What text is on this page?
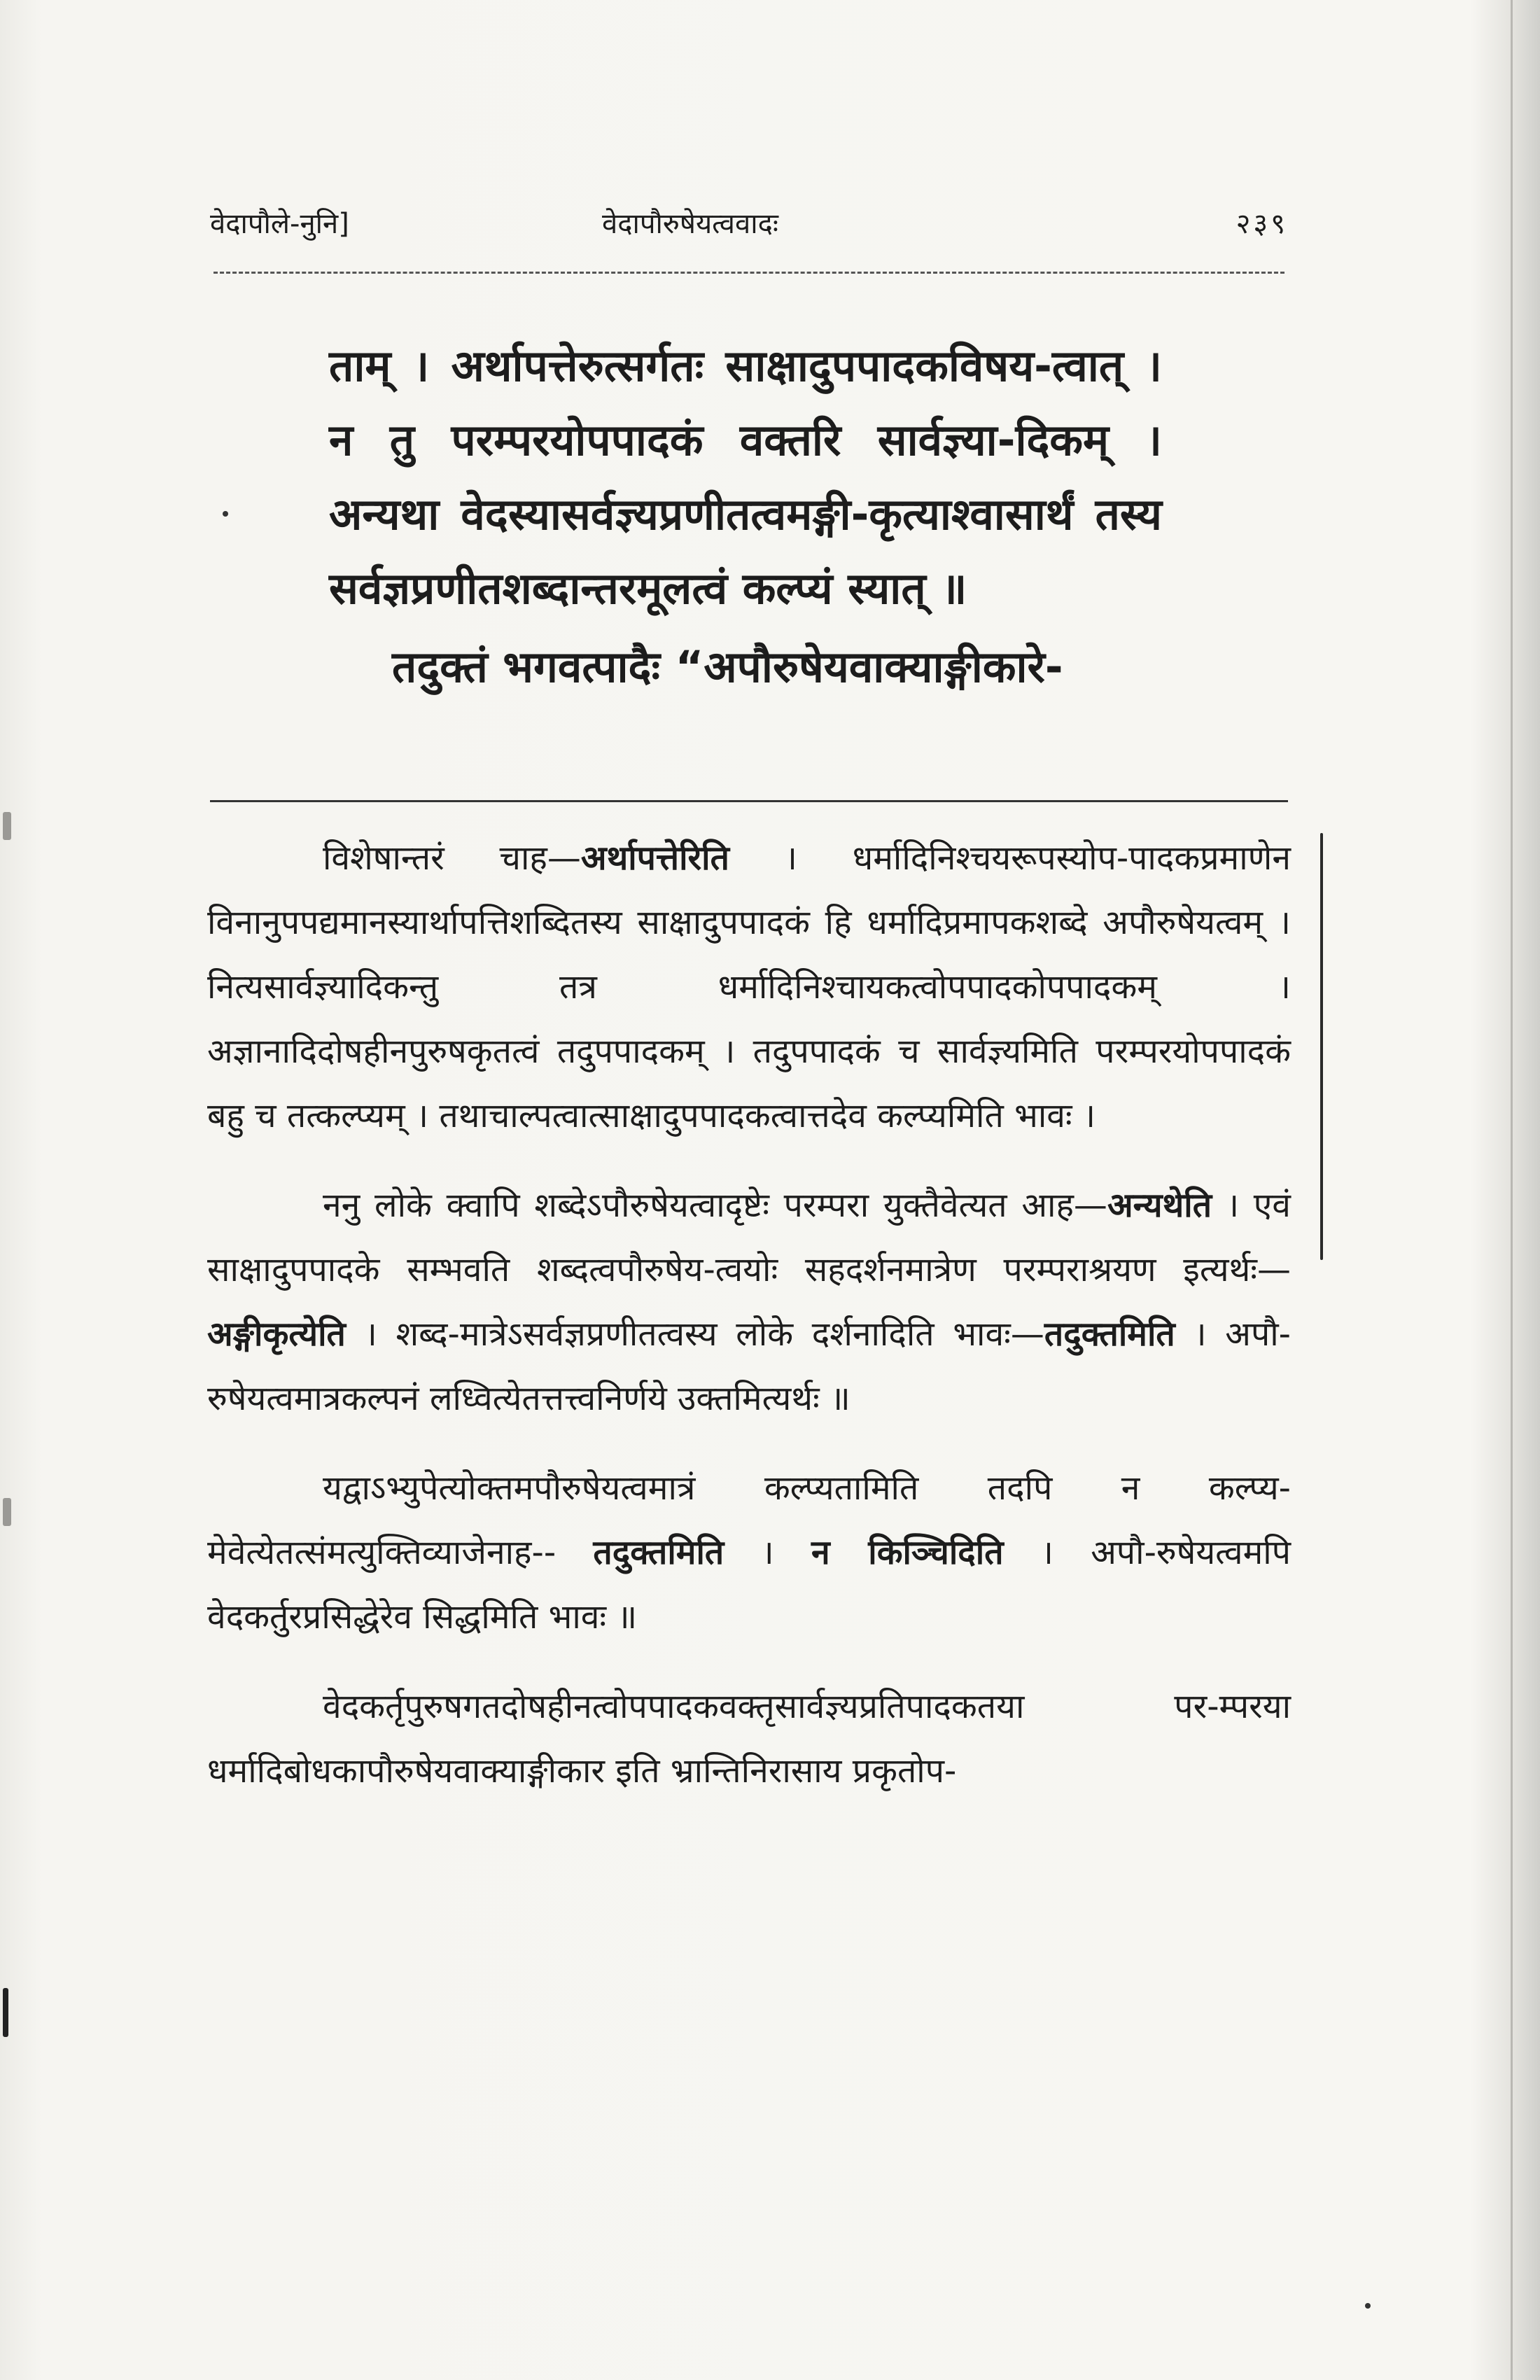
वेदापौले-नुनि]	वेदापौरुषेयत्ववादः	२३९

ताम् । अर्थापत्तेरुत्सर्गतः साक्षादुपपादकविषय-त्वात् । न तु परम्परयोपपादकं वक्तरि सार्वज्ञ्या-दिकम् । अन्यथा वेदस्यासर्वज्ञ्यप्रणीतत्वमङ्गी-कृत्याश्वासार्थं तस्य सर्वज्ञप्रणीतशब्दान्तरमूलत्वं कल्प्यं स्यात् ॥

तदुक्तं भगवत्पादैः “अपौरुषेयवाक्याङ्गीकारे-

विशेषान्तरं चाह—अर्थापत्तेरिति । धर्मादिनिश्चयरूपस्योप-पादकप्रमाणेन विनानुपपद्यमानस्यार्थापत्तिशब्दितस्य साक्षादुपपादकं हि धर्मादिप्रमापकशब्दे अपौरुषेयत्वम् । नित्यसार्वज्ञ्यादिकन्तु तत्र धर्मादिनिश्चायकत्वोपपादकोपपादकम् । अज्ञानादिदोषहीनपुरुषकृतत्वं तदुपपादकम् । तदुपपादकं च सार्वज्ञ्यमिति परम्परयोपपादकं बहु च तत्कल्प्यम् । तथाचाल्पत्वात्साक्षादुपपादकत्वात्तदेव कल्प्यमिति भावः ।

ननु लोके क्वापि शब्देऽपौरुषेयत्वादृष्टेः परम्परा युक्तैवेत्यत आह—अन्यथेति । एवं साक्षादुपपादके सम्भवति शब्दत्वपौरुषेय-त्वयोः सहदर्शनमात्रेण परम्पराश्रयण इत्यर्थः—अङ्गीकृत्येति । शब्द-मात्रेऽसर्वज्ञप्रणीतत्वस्य लोके दर्शनादिति भावः—तदुक्तमिति । अपौ-रुषेयत्वमात्रकल्पनं लध्वित्येतत्तत्त्वनिर्णये उक्तमित्यर्थः ॥

यद्वाऽभ्युपेत्योक्तमपौरुषेयत्वमात्रं कल्प्यतामिति तदपि न कल्प्य-मेवेत्येतत्संमत्युक्तिव्याजेनाह-- तदुक्तमिति । न किञ्चिदिति । अपौ-रुषेयत्वमपि वेदकर्तुरप्रसिद्धेरेव सिद्धमिति भावः ॥

वेदकर्तृपुरुषगतदोषहीनत्वोपपादकवक्तृसार्वज्ञ्यप्रतिपादकतया पर-म्परया धर्मादिबोधकापौरुषेयवाक्याङ्गीकार इति भ्रान्तिनिरासाय प्रकृतोप-
